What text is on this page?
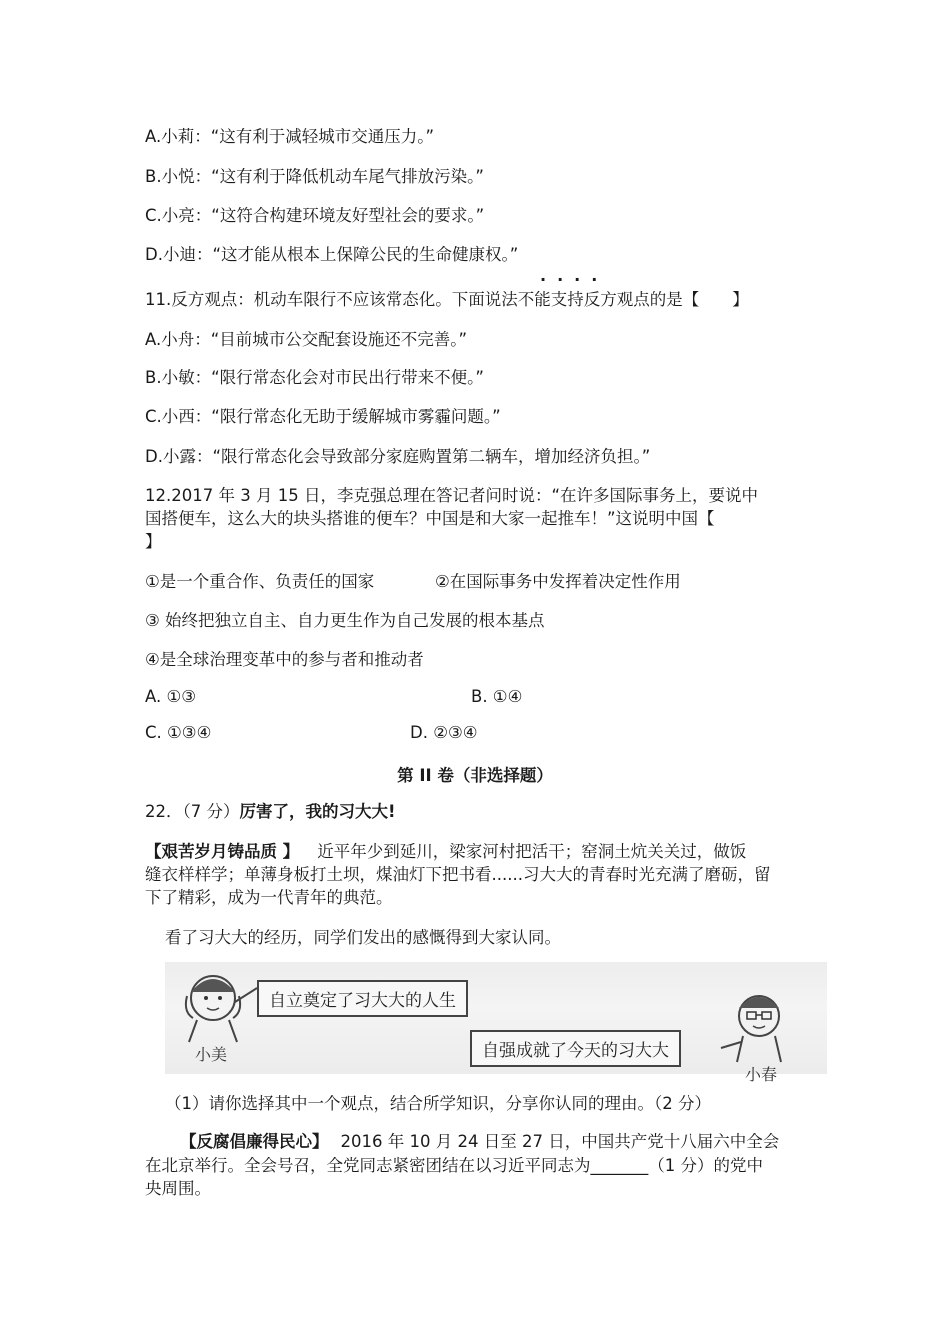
A.小莉：“这有利于减轻城市交通压力。”
B.小悦：“这有利于降低机动车尾气排放污染。”
C.小亮：“这符合构建环境友好型社会的要求。”
D.小迪：“这才能从根本上保障公民的生命健康权。”
····
11.反方观点：机动车限行不应该常态化。下面说法不能支持反方观点的是【　　】
A.小舟：“目前城市公交配套设施还不完善。”
B.小敏：“限行常态化会对市民出行带来不便。”
C.小西：“限行常态化无助于缓解城市雾霾问题。”
D.小露：“限行常态化会导致部分家庭购置第二辆车，增加经济负担。”
12.2017 年 3 月 15 日，李克强总理在答记者问时说：“在许多国际事务上，要说中
国搭便车，这么大的块头搭谁的便车？中国是和大家一起推车！”这说明中国【
】
①是一个重合作、负责任的国家	②在国际事务中发挥着决定性作用
③ 始终把独立自主、自力更生作为自己发展的根本基点
④是全球治理变革中的参与者和推动者
A. ①③	B. ①④
C. ①③④	D. ②③④
第 II 卷（非选择题）
22．（7 分）厉害了，我的习大大!
【艰苦岁月铸品质 】 近平年少到延川，梁家河村把活干；窑洞土炕关关过，做饭
缝衣样样学；单薄身板打土坝，煤油灯下把书看......习大大的青春时光充满了磨砺，留
下了精彩，成为一代青年的典范。
看了习大大的经历，同学们发出的感慨得到大家认同。
自立奠定了习大大的人生
自强成就了今天的习大大
小美
小春
（1）请你选择其中一个观点，结合所学知识，分享你认同的理由。（2 分）
【反腐倡廉得民心】 2016 年 10 月 24 日至 27 日，中国共产党十八届六中全会
在北京举行。全会号召，全党同志紧密团结在以习近平同志为_______（1 分）的党中
央周围。
